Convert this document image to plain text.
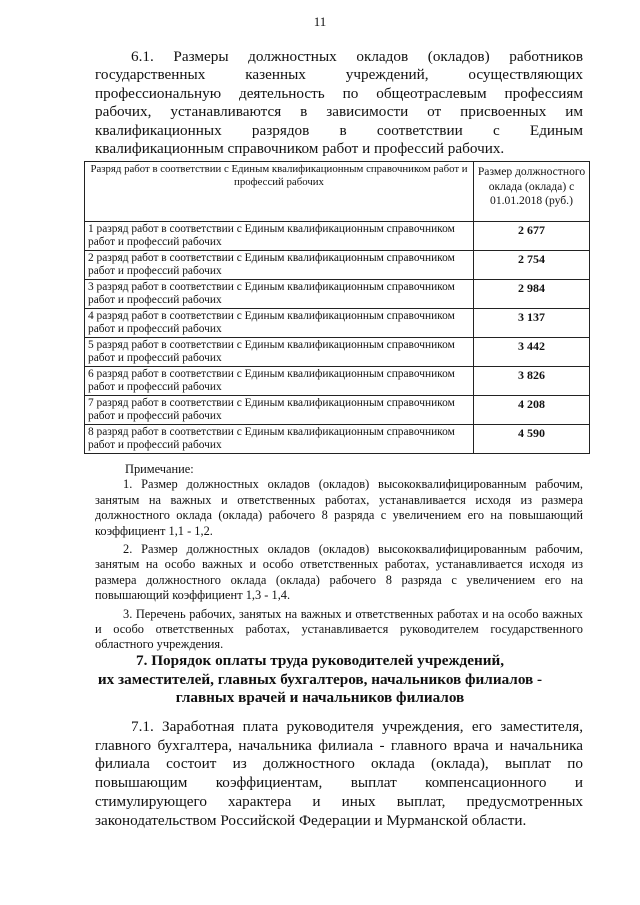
11

6.1. Размеры должностных окладов (окладов) работников государственных казенных учреждений, осуществляющих профессиональную деятельность по общеотраслевым профессиям рабочих, устанавливаются в зависимости от присвоенных им квалификационных разрядов в соответствии с Единым квалификационным справочником работ и профессий рабочих.

Разряд работ в соответствии с Единым квалификационным справочником работ и профессий рабочих	Размер должностного оклада (оклада) с 01.01.2018 (руб.)
1 разряд работ в соответствии с Единым квалификационным справочником работ и профессий рабочих	2 677
2 разряд работ в соответствии с Единым квалификационным справочником работ и профессий рабочих	2 754
3 разряд работ в соответствии с Единым квалификационным справочником работ и профессий рабочих	2 984
4 разряд работ в соответствии с Единым квалификационным справочником работ и профессий рабочих	3 137
5 разряд работ в соответствии с Единым квалификационным справочником работ и профессий рабочих	3 442
6 разряд работ в соответствии с Единым квалификационным справочником работ и профессий рабочих	3 826
7 разряд работ в соответствии с Единым квалификационным справочником работ и профессий рабочих	4 208
8 разряд работ в соответствии с Единым квалификационным справочником работ и профессий рабочих	4 590

Примечание:

1. Размер должностных окладов (окладов) высококвалифицированным рабочим, занятым на важных и ответственных работах, устанавливается исходя из размера должностного оклада (оклада) рабочего 8 разряда с увеличением его на повышающий коэффициент 1,1 - 1,2.

2. Размер должностных окладов (окладов) высококвалифицированным рабочим, занятым на особо важных и особо ответственных работах, устанавливается исходя из размера должностного оклада (оклада) рабочего 8 разряда с увеличением его на повышающий коэффициент 1,3 - 1,4.

3. Перечень рабочих, занятых на важных и ответственных работах и на особо важных и особо ответственных работах, устанавливается руководителем государственного областного учреждения.

7. Порядок оплаты труда руководителей учреждений,
их заместителей, главных бухгалтеров, начальников филиалов -
главных врачей и начальников филиалов

7.1. Заработная плата руководителя учреждения, его заместителя, главного бухгалтера, начальника филиала - главного врача и начальника филиала состоит из должностного оклада (оклада), выплат по повышающим коэффициентам, выплат компенсационного и стимулирующего характера и иных выплат, предусмотренных законодательством Российской Федерации и Мурманской области.
